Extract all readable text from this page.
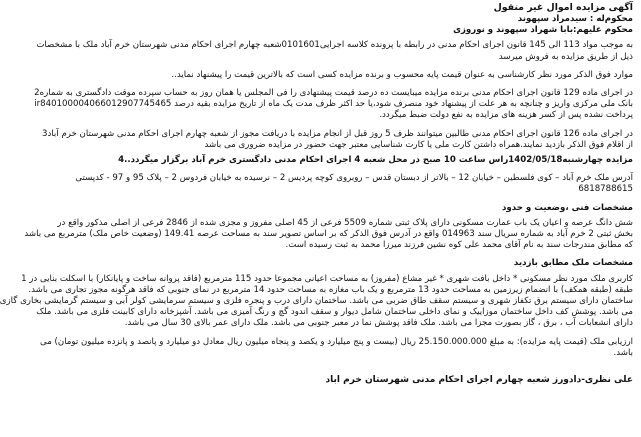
آگهی مزایده اموال غیر منقول
محکوم‌له : سیدمراد سپهوند
محکوم علیهم:بابا شهراد سپهوند و نوروزی
به موجب مواد 113 الی 145 قانون اجرای احکام مدنی در رابطه با پرونده کلاسه اجرایی0101601شعبه چهارم اجرای احکام مدنی شهرستان خرم آباد ملک با مشخصات
ذیل از طریق مزایده به فروش میرسد
موارد فوق الذکر مورد نظر کارشناسی به عنوان قیمت پایه محسوب و برنده مزایده کسی است که بالاترین قیمت را پیشنهاد نماید..
در اجرای ماده 129 قانون اجرای احکام مدنی برنده مزایده میبایست ده درصد قیمت پیشنهادی را فی المجلس یا همان روز به حساب سپرده موقت دادگستری به شماره2
بانک ملی مرکزی واریز و چنانچه به هر علت از پیشنهاد خود منصرف شود،یا حد اکثر ظرف مدت یک ماه از تاریخ مزایده بقیه درصد ir840100004066012907745465
پرداخت نشده پس از کسر هزینه های مزایده به نفع دولت ضبط میگردد.
در اجرای ماده 126 قانون اجرای احکام مدنی طالبین میتوانند ظرف 5 روز قبل از انجام مزایده با دریافت مجوز از شعبه چهارم اجرای احکام مدنی شهرستان خرم آباد3
از اقلام فوق الذکر بازدید نمایند.همراه داشتن کارت ملی یا کارت شناسایی معتبر جهت حضور در مزایده ضروری می باشد
مزایده چهارشنبه1402/05/18راس ساعت 10 صبح در محل شعبه 4 اجرای احکام مدنی دادگستری خرم آباد برگزار میگردد..4
آدرس ملک خرم آباد – کوی فلسطین – خیابان 12 – بالاتر از دبستان قدس – روبروی کوچه پردیس 2 – نرسیده به خیابان فردوس 2 – پلاک 95 و 97 - کدپستی
6818788615
مشخصات فنی ،وضعیت و حدود
شش دانگ عرصه و اعیان یک باب عمارت مسکونی دارای پلاک ثبتی شماره 5509 فرعی از 45 اصلی مفروز و مجزی شده از 2846 فرعی از اصلی مذکور واقع در
بخش ثبتی 2 خرم آباد به شماره سریال سند 014963 واقع در آدرس فوق الذکر که بر اساس تصویر سند به مساحت عرصه 149.41 (وضعیت خاص ملک) مترمربع می باشد
که مطابق مندرجات سند به نام آقای محمد علی کوه نشین فرزند میرزا محمد به ثبت رسیده است.
مشخصات ملک مطابق بازدید
کاربری ملک مورد نظر مسکونی * داخل بافت شهری * غیر مشاع (مفروز) به مساحت اعیانی مجموعا حدود 115 مترمربع (فاقد پروانه ساخت و پایانکار) با اسکلت بنایی در 1
طبقه (طبقه همکف) با انضمام زیرزمین به مساحت حدود 13 مترمربع و یک باب مغازه به مساحت حدود 14 مترمربع در نمای جنوبی که فاقد هرگونه مجوز تجاری می باشد.
ساختمان دارای سیستم برق تکفاز شهری و سیستم سقف طاق ضربی می باشد. ساختمان دارای درب و پنجره فلزی و سیستم سرمایشی کولر آبی و سیستم گرمایشی بخاری گازی
می باشد. پوشش کف داخل ساختمان موزاییک و نمای داخلی ساختمان شامل دیوار و سقف اندود گچ و رنگ آمیزی می باشد. آشپزخانه دارای کابینت فلزی می باشد. ملک
دارای انشعابات آب ، برق ، گاز بصورت مجزا می باشد. ملک فاقد پوشش نما در معبر جنوبی می باشد. ملک دارای عمر بالای 30 سال می باشد.
ارزیابی ملک (قیمت پایه مزایده): به مبلغ 25.150.000.000 ریال (بیست و پنج میلیارد و یکصد و پنجاه میلیون ریال معادل دو میلیارد و پانصد و پانزده میلیون تومان) می
باشد.
علی نظری-دادورز شعبه چهارم اجرای احکام مدنی شهرستان خرم اباد
